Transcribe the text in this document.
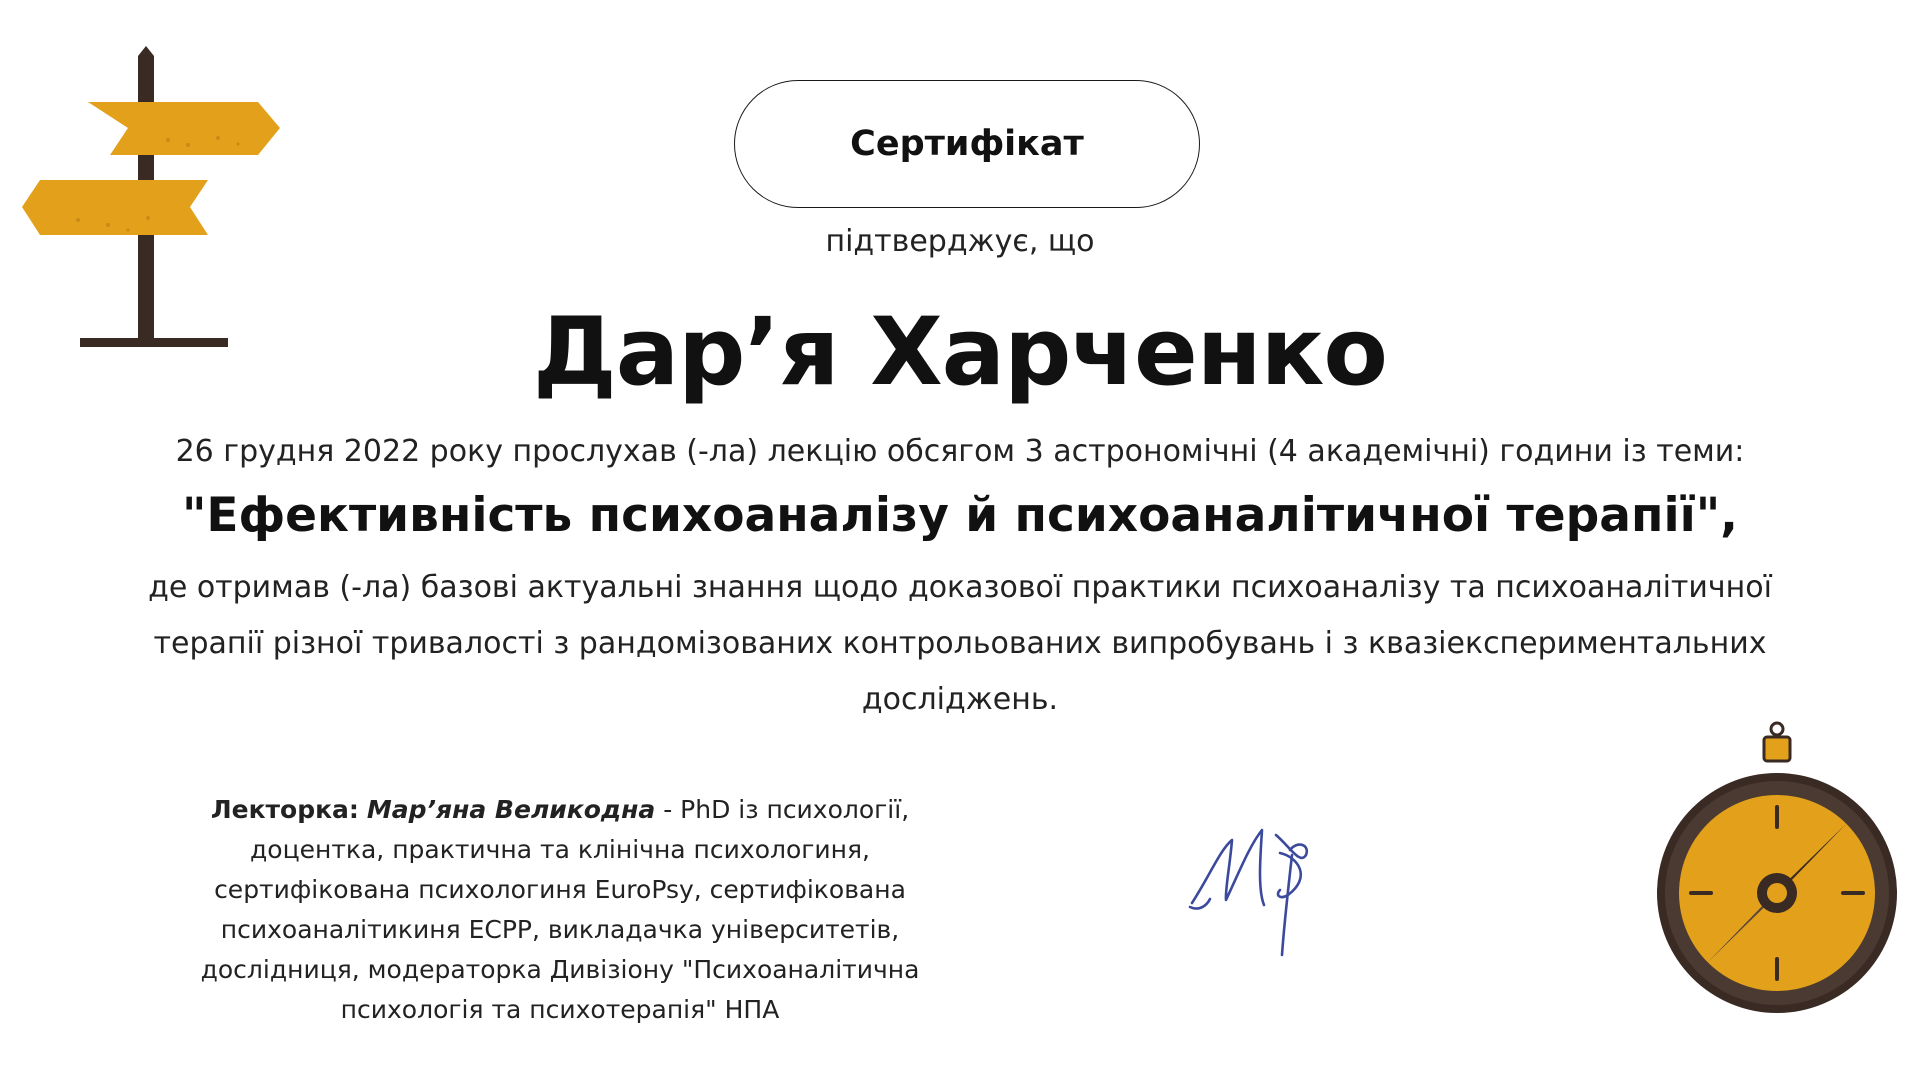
Сертифікат
підтверджує, що
Дар’я Харченко
26 грудня 2022 року прослухав (-ла) лекцію обсягом 3 астрономічні (4 академічні) години із теми:
"Ефективність психоаналізу й психоаналітичної терапії",
де отримав (-ла) базові актуальні знання щодо доказової практики психоаналізу та психоаналітичної терапії різної тривалості з рандомізованих контрольованих випробувань і з квазіекспериментальних досліджень.
Лекторка: Мар’яна Великодна - PhD із психології, доцентка, практична та клінічна психологиня, сертифікована психологиня EuroPsy, сертифікована психоаналітикиня ECPP, викладачка університетів, дослідниця, модераторка Дивізіону "Психоаналітична психологія та психотерапія" НПА
